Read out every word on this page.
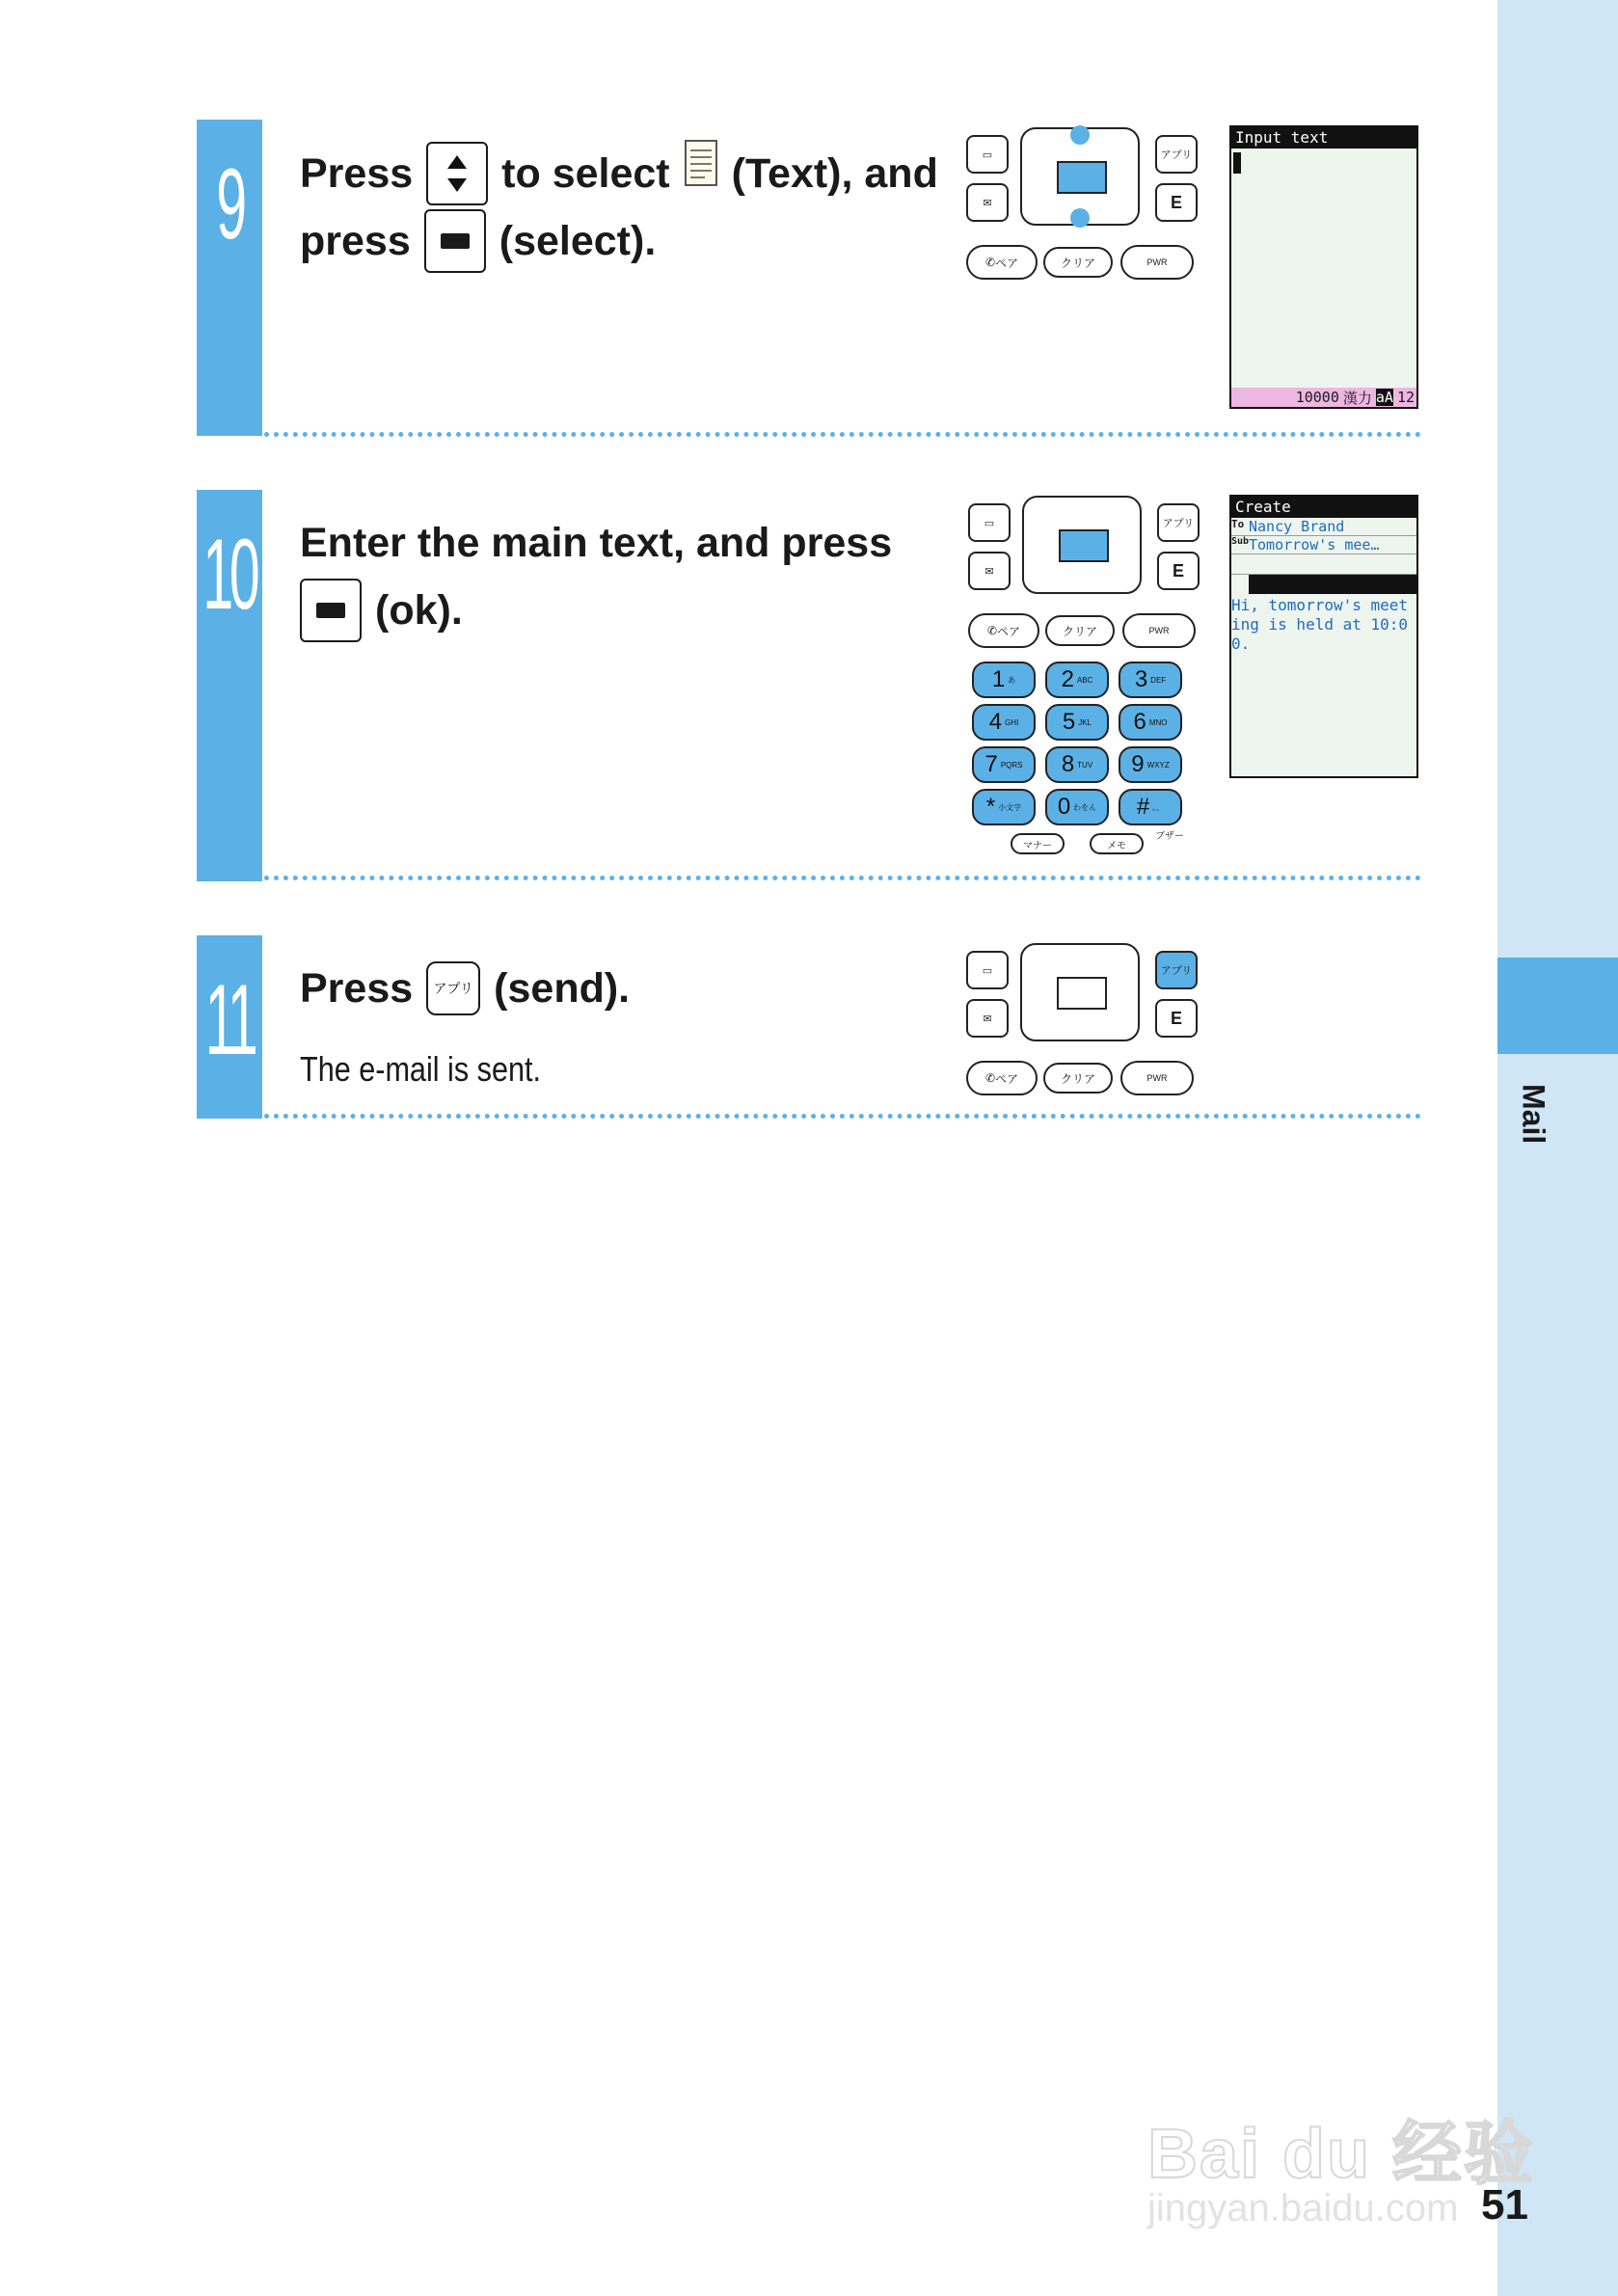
Mail
9 Press to select (Text), and
press (select).
▭
✉
アプリ
E
✆ ペア	クリア	PWR
Input text
10000 漢力 aA 12
10 Enter the main text, and press
(ok).
▭
✉
アプリ
E
✆ ペア	クリア	PWR
1 あ 2 ABC 3 DEF
4 GHI 5 JKL 6 MNO
7 PQRS 8 TUV 9 WXYZ
* 小文字 0 わをん # 。、
マナー	メモ
ブザー
Create
To Nancy Brand
Sub Tomorrow's mee…
Hi, tomorrow's meeting is held at 10:00.
11 Press アプリ (send).
The e-mail is sent.
▭
✉
アプリ
E
✆ ペア	クリア	PWR
Bai du 经验
jingyan.baidu.com 51
